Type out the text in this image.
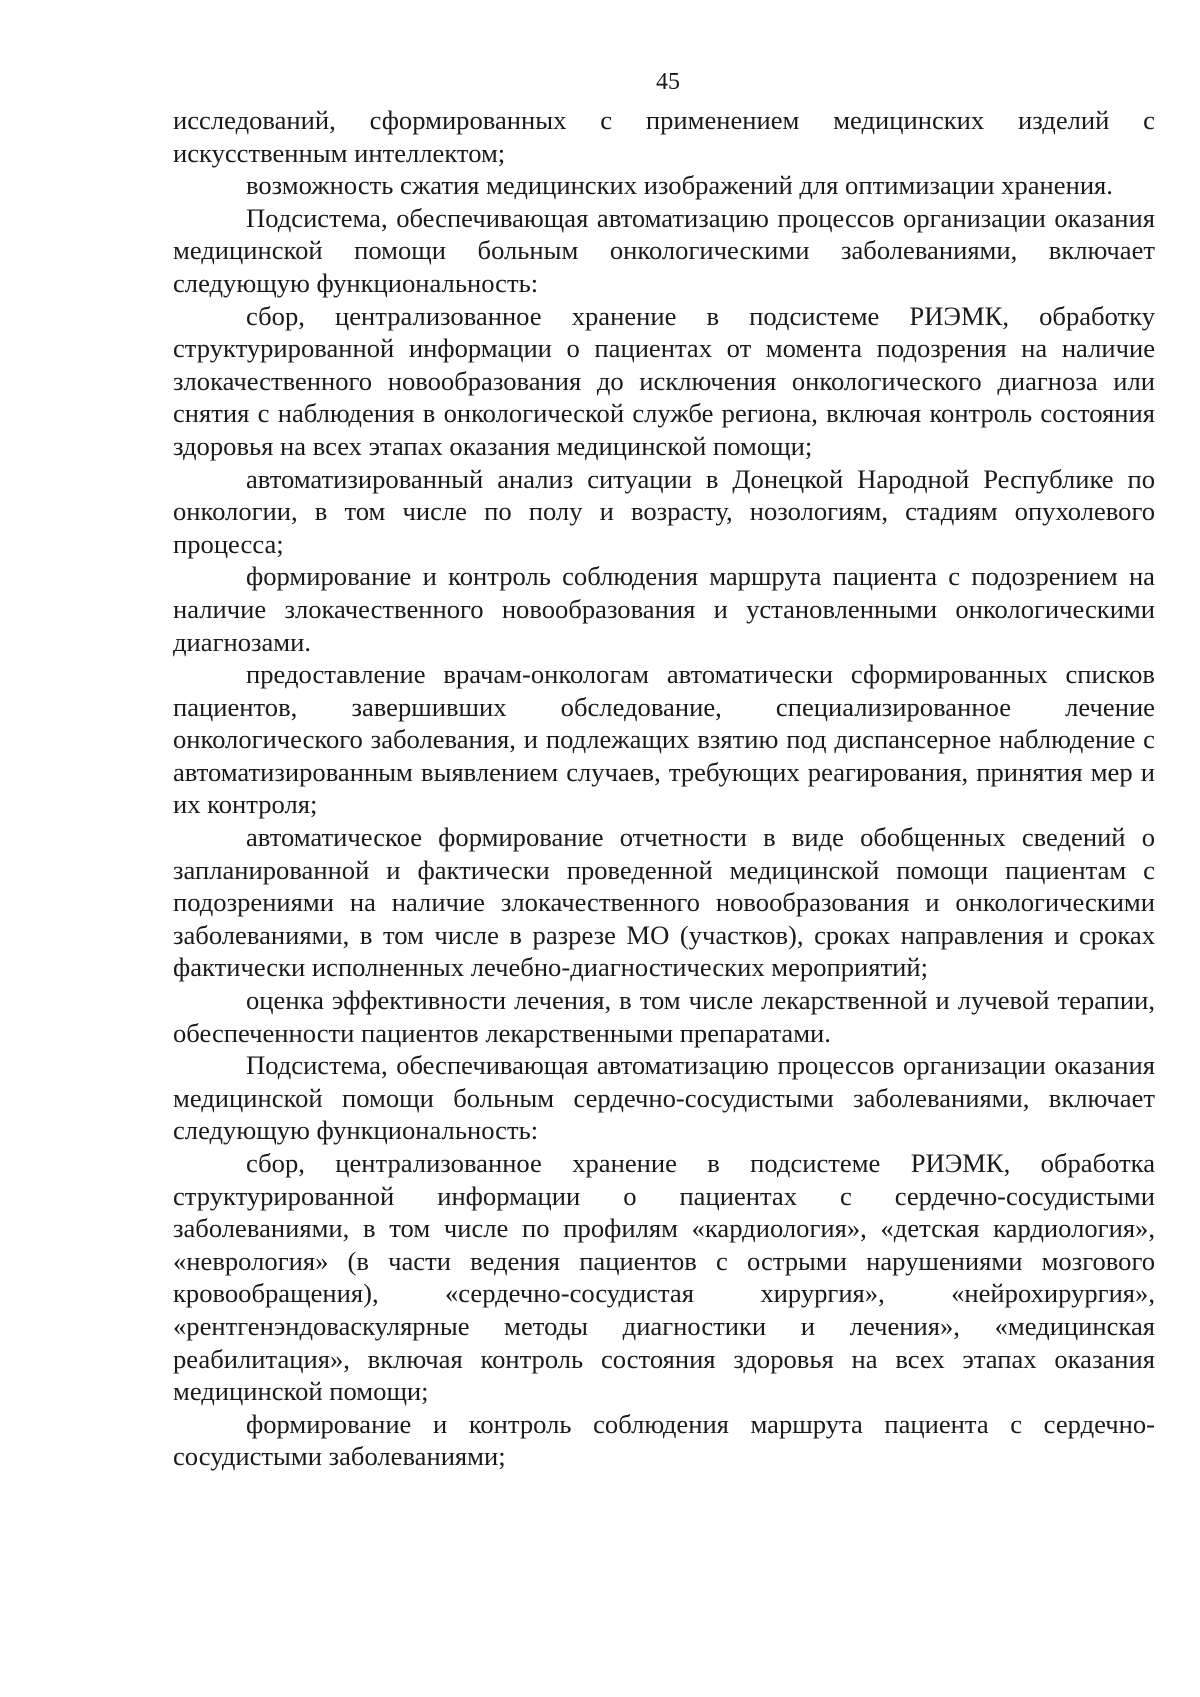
45

исследований, сформированных с применением медицинских изделий с искусственным интеллектом;

возможность сжатия медицинских изображений для оптимизации хранения.

Подсистема, обеспечивающая автоматизацию процессов организации оказания медицинской помощи больным онкологическими заболеваниями, включает следующую функциональность:

сбор, централизованное хранение в подсистеме РИЭМК, обработку структурированной информации о пациентах от момента подозрения на наличие злокачественного новообразования до исключения онкологического диагноза или снятия с наблюдения в онкологической службе региона, включая контроль состояния здоровья на всех этапах оказания медицинской помощи;

автоматизированный анализ ситуации в Донецкой Народной Республике по онкологии, в том числе по полу и возрасту, нозологиям, стадиям опухолевого процесса;

формирование и контроль соблюдения маршрута пациента с подозрением на наличие злокачественного новообразования и установленными онкологическими диагнозами.

предоставление врачам-онкологам автоматически сформированных списков пациентов, завершивших обследование, специализированное лечение онкологического заболевания, и подлежащих взятию под диспансерное наблюдение с автоматизированным выявлением случаев, требующих реагирования, принятия мер и их контроля;

автоматическое формирование отчетности в виде обобщенных сведений о запланированной и фактически проведенной медицинской помощи пациентам с подозрениями на наличие злокачественного новообразования и онкологическими заболеваниями, в том числе в разрезе МО (участков), сроках направления и сроках фактически исполненных лечебно-диагностических мероприятий;

оценка эффективности лечения, в том числе лекарственной и лучевой терапии, обеспеченности пациентов лекарственными препаратами.

Подсистема, обеспечивающая автоматизацию процессов организации оказания медицинской помощи больным сердечно-сосудистыми заболеваниями, включает следующую функциональность:

сбор, централизованное хранение в подсистеме РИЭМК, обработка структурированной информации о пациентах с сердечно-сосудистыми заболеваниями, в том числе по профилям «кардиология», «детская кардиология», «неврология» (в части ведения пациентов с острыми нарушениями мозгового кровообращения), «сердечно-сосудистая хирургия», «нейрохирургия», «рентгенэндоваскулярные методы диагностики и лечения», «медицинская реабилитация», включая контроль состояния здоровья на всех этапах оказания медицинской помощи;

формирование и контроль соблюдения маршрута пациента с сердечно-сосудистыми заболеваниями;
